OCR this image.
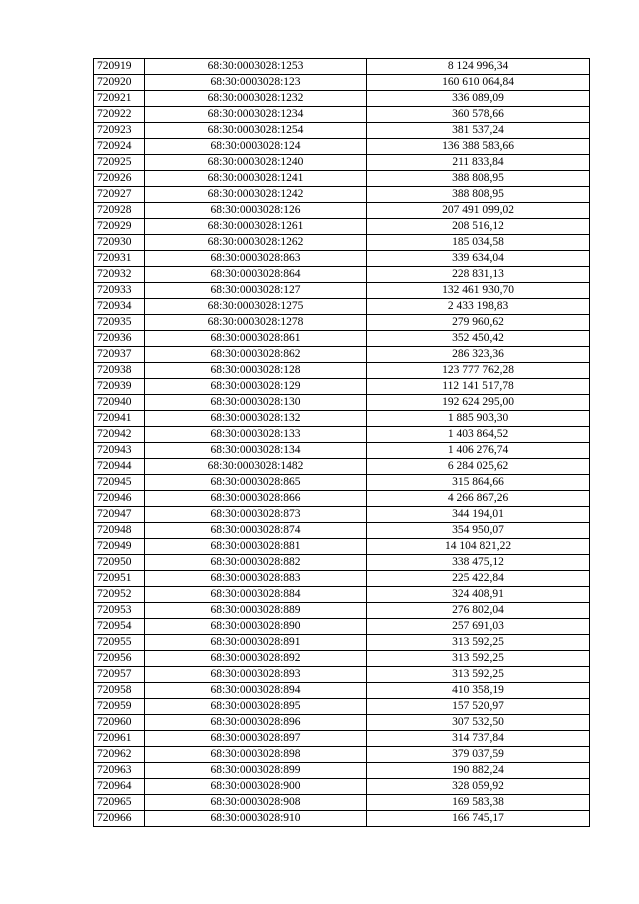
720919	68:30:0003028:1253	8 124 996,34
720920	68:30:0003028:123	160 610 064,84
720921	68:30:0003028:1232	336 089,09
720922	68:30:0003028:1234	360 578,66
720923	68:30:0003028:1254	381 537,24
720924	68:30:0003028:124	136 388 583,66
720925	68:30:0003028:1240	211 833,84
720926	68:30:0003028:1241	388 808,95
720927	68:30:0003028:1242	388 808,95
720928	68:30:0003028:126	207 491 099,02
720929	68:30:0003028:1261	208 516,12
720930	68:30:0003028:1262	185 034,58
720931	68:30:0003028:863	339 634,04
720932	68:30:0003028:864	228 831,13
720933	68:30:0003028:127	132 461 930,70
720934	68:30:0003028:1275	2 433 198,83
720935	68:30:0003028:1278	279 960,62
720936	68:30:0003028:861	352 450,42
720937	68:30:0003028:862	286 323,36
720938	68:30:0003028:128	123 777 762,28
720939	68:30:0003028:129	112 141 517,78
720940	68:30:0003028:130	192 624 295,00
720941	68:30:0003028:132	1 885 903,30
720942	68:30:0003028:133	1 403 864,52
720943	68:30:0003028:134	1 406 276,74
720944	68:30:0003028:1482	6 284 025,62
720945	68:30:0003028:865	315 864,66
720946	68:30:0003028:866	4 266 867,26
720947	68:30:0003028:873	344 194,01
720948	68:30:0003028:874	354 950,07
720949	68:30:0003028:881	14 104 821,22
720950	68:30:0003028:882	338 475,12
720951	68:30:0003028:883	225 422,84
720952	68:30:0003028:884	324 408,91
720953	68:30:0003028:889	276 802,04
720954	68:30:0003028:890	257 691,03
720955	68:30:0003028:891	313 592,25
720956	68:30:0003028:892	313 592,25
720957	68:30:0003028:893	313 592,25
720958	68:30:0003028:894	410 358,19
720959	68:30:0003028:895	157 520,97
720960	68:30:0003028:896	307 532,50
720961	68:30:0003028:897	314 737,84
720962	68:30:0003028:898	379 037,59
720963	68:30:0003028:899	190 882,24
720964	68:30:0003028:900	328 059,92
720965	68:30:0003028:908	169 583,38
720966	68:30:0003028:910	166 745,17
